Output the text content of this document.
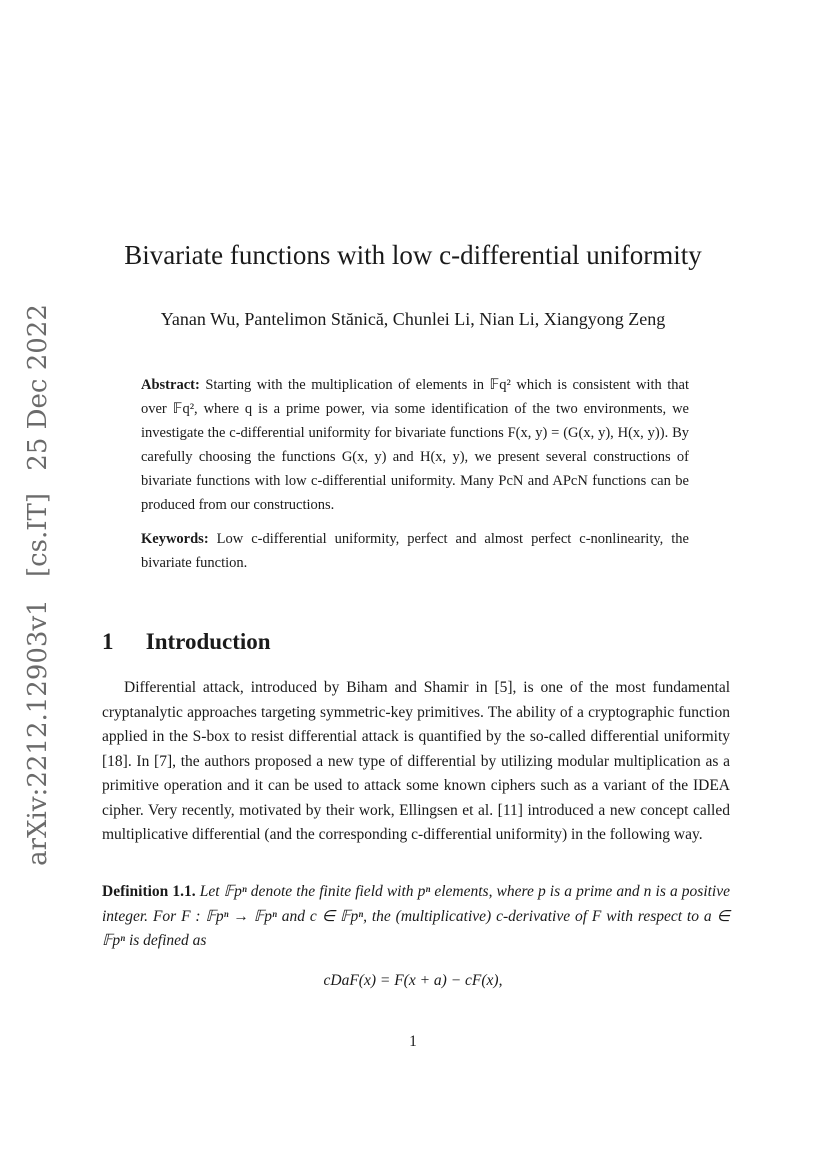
arXiv:2212.12903v1 [cs.IT] 25 Dec 2022
Bivariate functions with low c-differential uniformity
Yanan Wu, Pantelimon Stănică, Chunlei Li, Nian Li, Xiangyong Zeng

Abstract: Starting with the multiplication of elements in 𝔽q² which is consistent with that over 𝔽q², where q is a prime power, via some identification of the two environments, we investigate the c-differential uniformity for bivariate functions F(x, y) = (G(x, y), H(x, y)). By carefully choosing the functions G(x, y) and H(x, y), we present several constructions of bivariate functions with low c-differential uniformity. Many PcN and APcN functions can be produced from our constructions.

Keywords: Low c-differential uniformity, perfect and almost perfect c-nonlinearity, the bivariate function.

1 Introduction

Differential attack, introduced by Biham and Shamir in [5], is one of the most fundamental cryptanalytic approaches targeting symmetric-key primitives. The ability of a cryptographic function applied in the S-box to resist differential attack is quantified by the so-called differential uniformity [18]. In [7], the authors proposed a new type of differential by utilizing modular multiplication as a primitive operation and it can be used to attack some known ciphers such as a variant of the IDEA cipher. Very recently, motivated by their work, Ellingsen et al. [11] introduced a new concept called multiplicative differential (and the corresponding c-differential uniformity) in the following way.

Definition 1.1. Let 𝔽pⁿ denote the finite field with pⁿ elements, where p is a prime and n is a positive integer. For F : 𝔽pⁿ → 𝔽pⁿ and c ∈ 𝔽pⁿ, the (multiplicative) c-derivative of F with respect to a ∈ 𝔽pⁿ is defined as

cDaF(x) = F(x + a) − cF(x),
1
